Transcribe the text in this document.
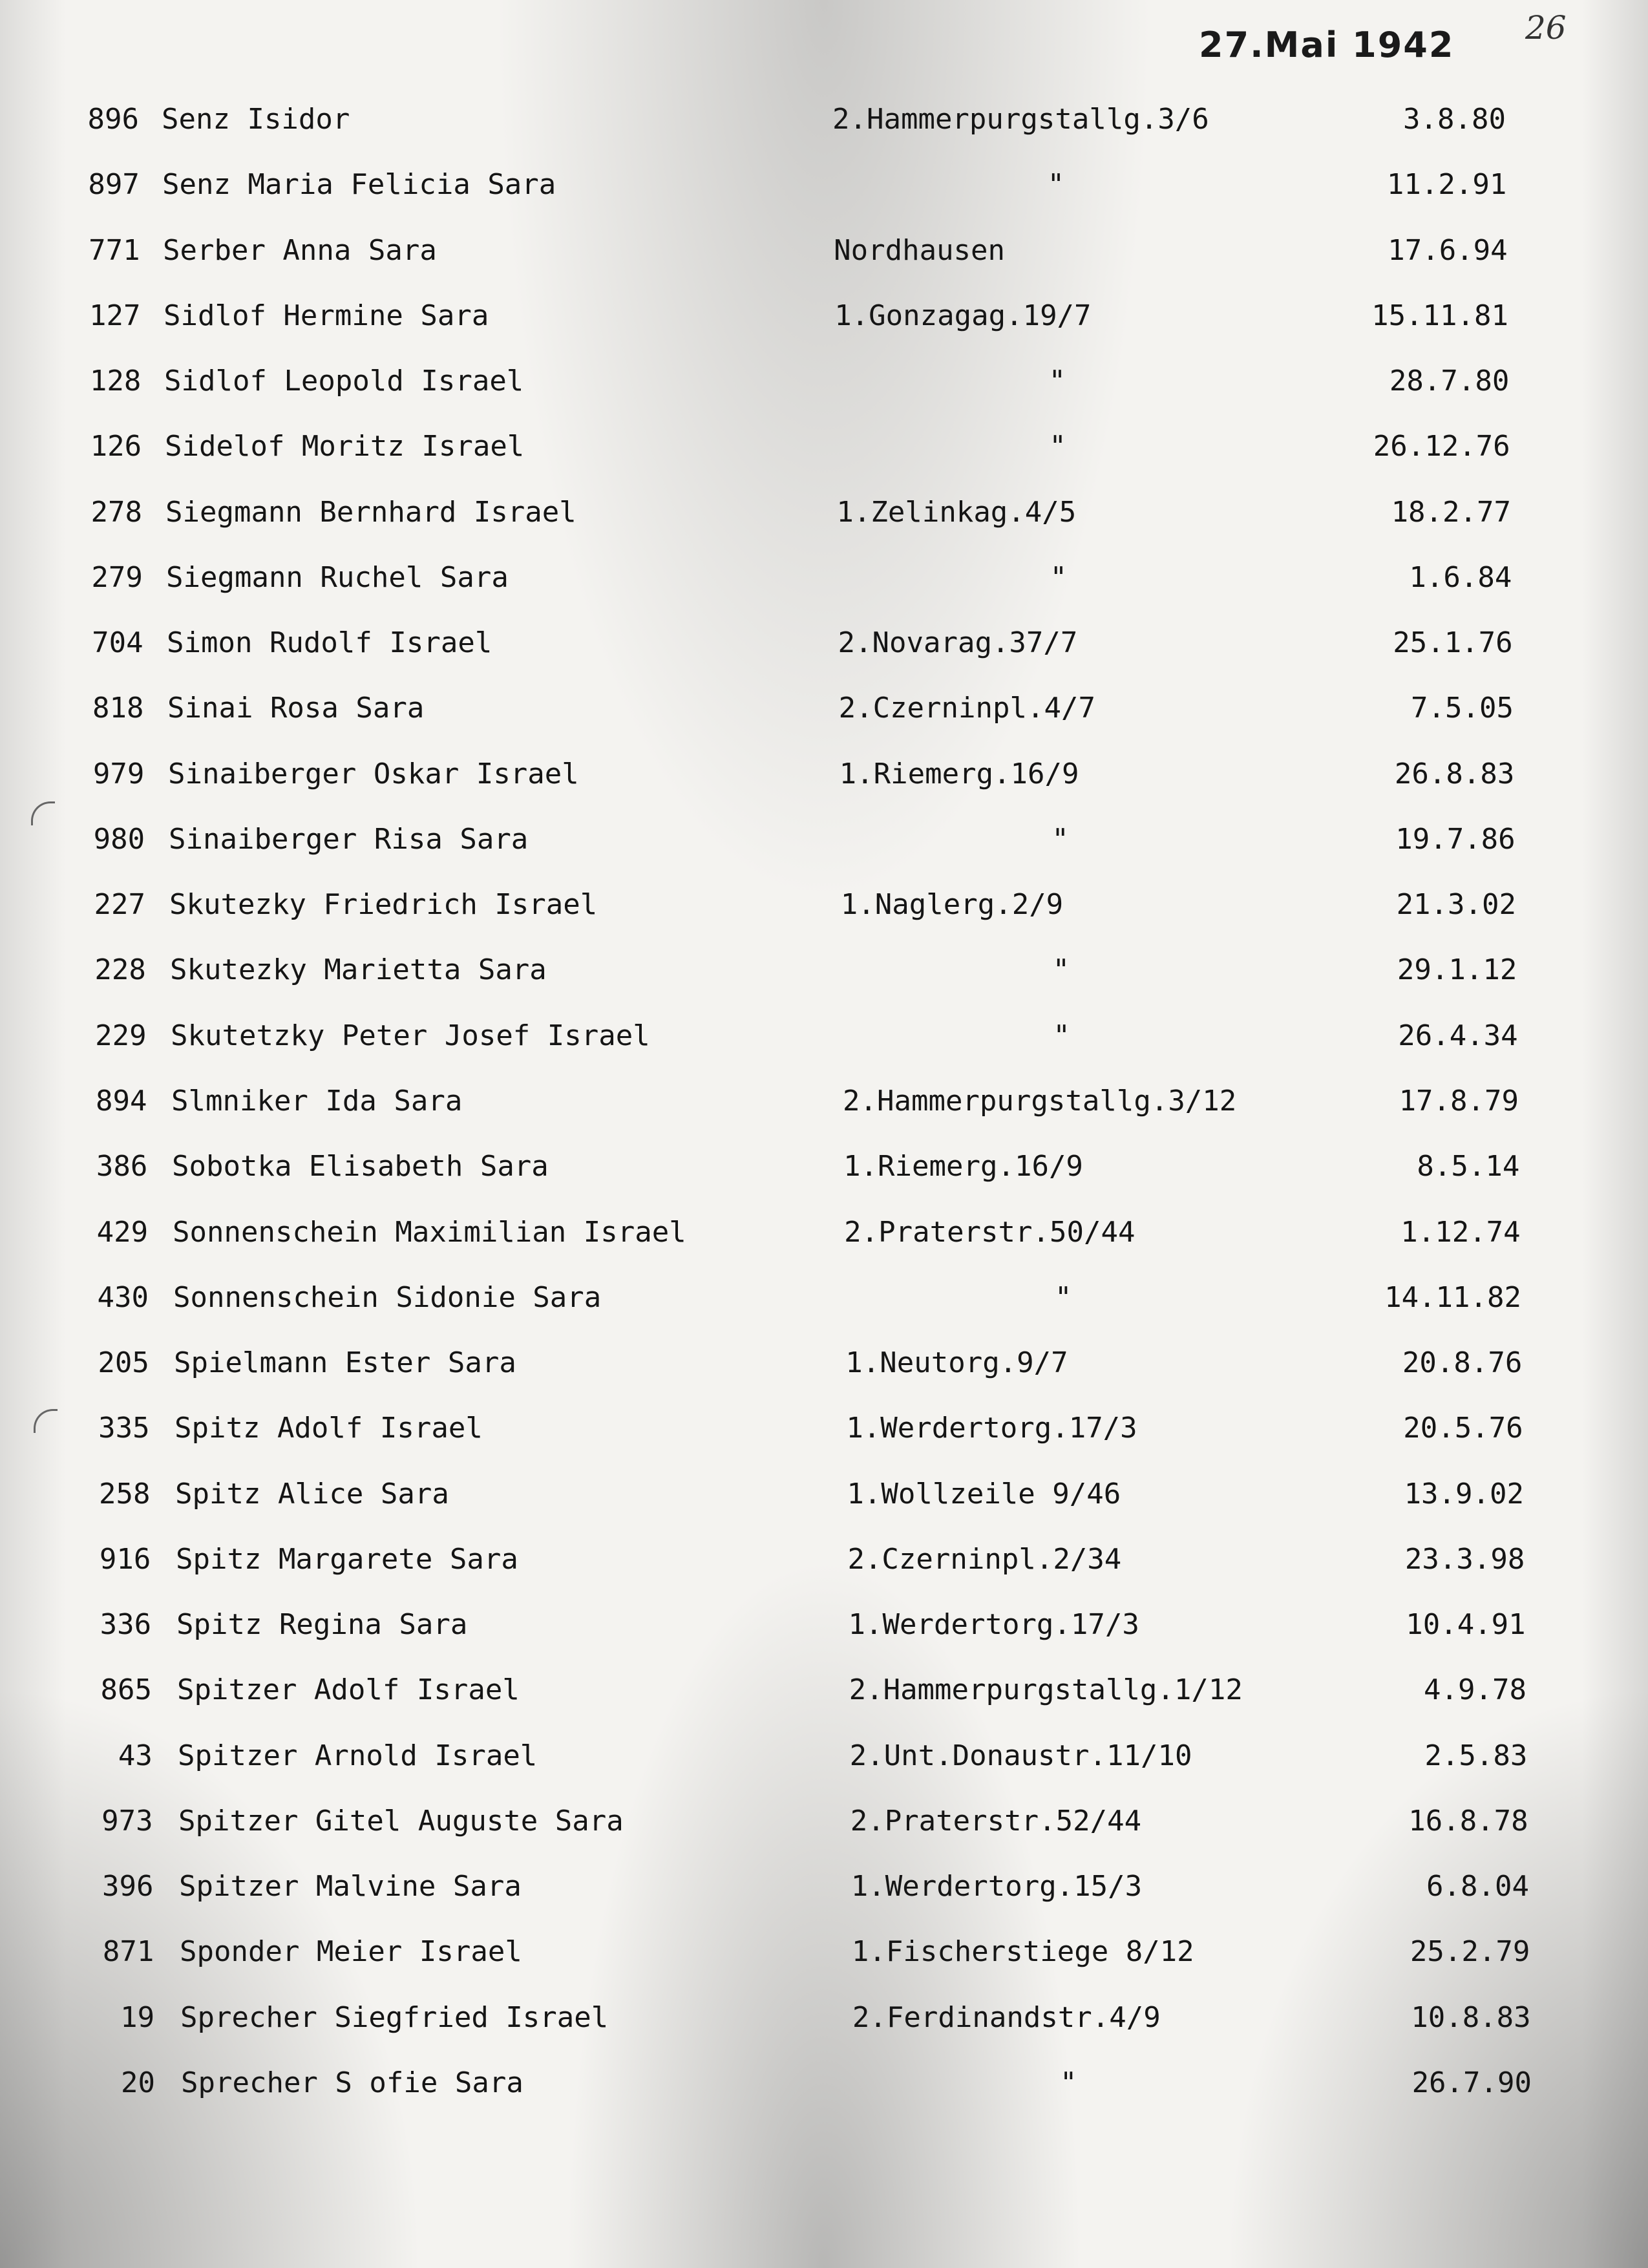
27.Mai 1942 26
896 Senz Isidor	2.Hammerpurgstallg.3/6	3.8.80
897 Senz Maria Felicia Sara	"	11.2.91
771 Serber Anna Sara	Nordhausen	17.6.94
127 Sidlof Hermine Sara	1.Gonzagag.19/7	15.11.81
128 Sidlof Leopold Israel	"	28.7.80
126 Sidelof Moritz Israel	"	26.12.76
278 Siegmann Bernhard Israel	1.Zelinkag.4/5	18.2.77
279 Siegmann Ruchel Sara	"	1.6.84
704 Simon Rudolf Israel	2.Novarag.37/7	25.1.76
818 Sinai Rosa Sara	2.Czerninpl.4/7	7.5.05
979 Sinaiberger Oskar Israel	1.Riemerg.16/9	26.8.83
980 Sinaiberger Risa Sara	"	19.7.86
227 Skutezky Friedrich Israel	1.Naglerg.2/9	21.3.02
228 Skutezky Marietta Sara	"	29.1.12
229 Skutetzky Peter Josef Israel	"	26.4.34
894 Slmniker Ida Sara	2.Hammerpurgstallg.3/12	17.8.79
386 Sobotka Elisabeth Sara	1.Riemerg.16/9	8.5.14
429 Sonnenschein Maximilian Israel	2.Praterstr.50/44	1.12.74
430 Sonnenschein Sidonie Sara	"	14.11.82
205 Spielmann Ester Sara	1.Neutorg.9/7	20.8.76
335 Spitz Adolf Israel	1.Werdertorg.17/3	20.5.76
258 Spitz Alice Sara	1.Wollzeile 9/46	13.9.02
916 Spitz Margarete Sara	2.Czerninpl.2/34	23.3.98
336 Spitz Regina Sara	1.Werdertorg.17/3	10.4.91
865 Spitzer Adolf Israel	2.Hammerpurgstallg.1/12	4.9.78
43 Spitzer Arnold Israel	2.Unt.Donaustr.11/10	2.5.83
973 Spitzer Gitel Auguste Sara	2.Praterstr.52/44	16.8.78
396 Spitzer Malvine Sara	1.Werdertorg.15/3	6.8.04
871 Sponder Meier Israel	1.Fischerstiege 8/12	25.2.79
19 Sprecher Siegfried Israel	2.Ferdinandstr.4/9	10.8.83
20 Sprecher S ofie Sara	"	26.7.90
